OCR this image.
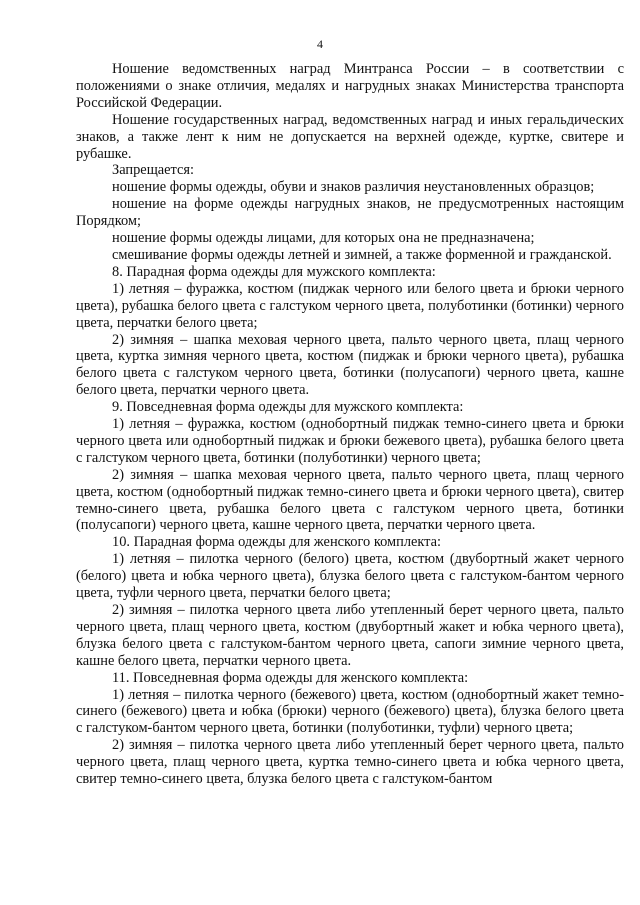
4

Ношение ведомственных наград Минтранса России – в соответствии с положениями о знаке отличия, медалях и нагрудных знаках Министерства транспорта Российской Федерации.

Ношение государственных наград, ведомственных наград и иных геральдических знаков, а также лент к ним не допускается на верхней одежде, куртке, свитере и рубашке.

Запрещается:

ношение формы одежды, обуви и знаков различия неустановленных образцов;

ношение на форме одежды нагрудных знаков, не предусмотренных настоящим Порядком;

ношение формы одежды лицами, для которых она не предназначена;

смешивание формы одежды летней и зимней, а также форменной и гражданской.

8. Парадная форма одежды для мужского комплекта:

1) летняя – фуражка, костюм (пиджак черного или белого цвета и брюки черного цвета), рубашка белого цвета с галстуком черного цвета, полуботинки (ботинки) черного цвета, перчатки белого цвета;

2) зимняя – шапка меховая черного цвета, пальто черного цвета, плащ черного цвета, куртка зимняя черного цвета, костюм (пиджак и брюки черного цвета), рубашка белого цвета с галстуком черного цвета, ботинки (полусапоги) черного цвета, кашне белого цвета, перчатки черного цвета.

9. Повседневная форма одежды для мужского комплекта:

1) летняя – фуражка, костюм (однобортный пиджак темно-синего цвета и брюки черного цвета или однобортный пиджак и брюки бежевого цвета), рубашка белого цвета с галстуком черного цвета, ботинки (полуботинки) черного цвета;

2) зимняя – шапка меховая черного цвета, пальто черного цвета, плащ черного цвета, костюм (однобортный пиджак темно-синего цвета и брюки черного цвета), свитер темно-синего цвета, рубашка белого цвета с галстуком черного цвета, ботинки (полусапоги) черного цвета, кашне черного цвета, перчатки черного цвета.

10. Парадная форма одежды для женского комплекта:

1) летняя – пилотка черного (белого) цвета, костюм (двубортный жакет черного (белого) цвета и юбка черного цвета), блузка белого цвета с галстуком-бантом черного цвета, туфли черного цвета, перчатки белого цвета;

2) зимняя – пилотка черного цвета либо утепленный берет черного цвета, пальто черного цвета, плащ черного цвета, костюм (двубортный жакет и юбка черного цвета), блузка белого цвета с галстуком-бантом черного цвета, сапоги зимние черного цвета, кашне белого цвета, перчатки черного цвета.

11. Повседневная форма одежды для женского комплекта:

1) летняя – пилотка черного (бежевого) цвета, костюм (однобортный жакет темно-синего (бежевого) цвета и юбка (брюки) черного (бежевого) цвета), блузка белого цвета с галстуком-бантом черного цвета, ботинки (полуботинки, туфли) черного цвета;

2) зимняя – пилотка черного цвета либо утепленный берет черного цвета, пальто черного цвета, плащ черного цвета, куртка темно-синего цвета и юбка черного цвета, свитер темно-синего цвета, блузка белого цвета с галстуком-бантом
